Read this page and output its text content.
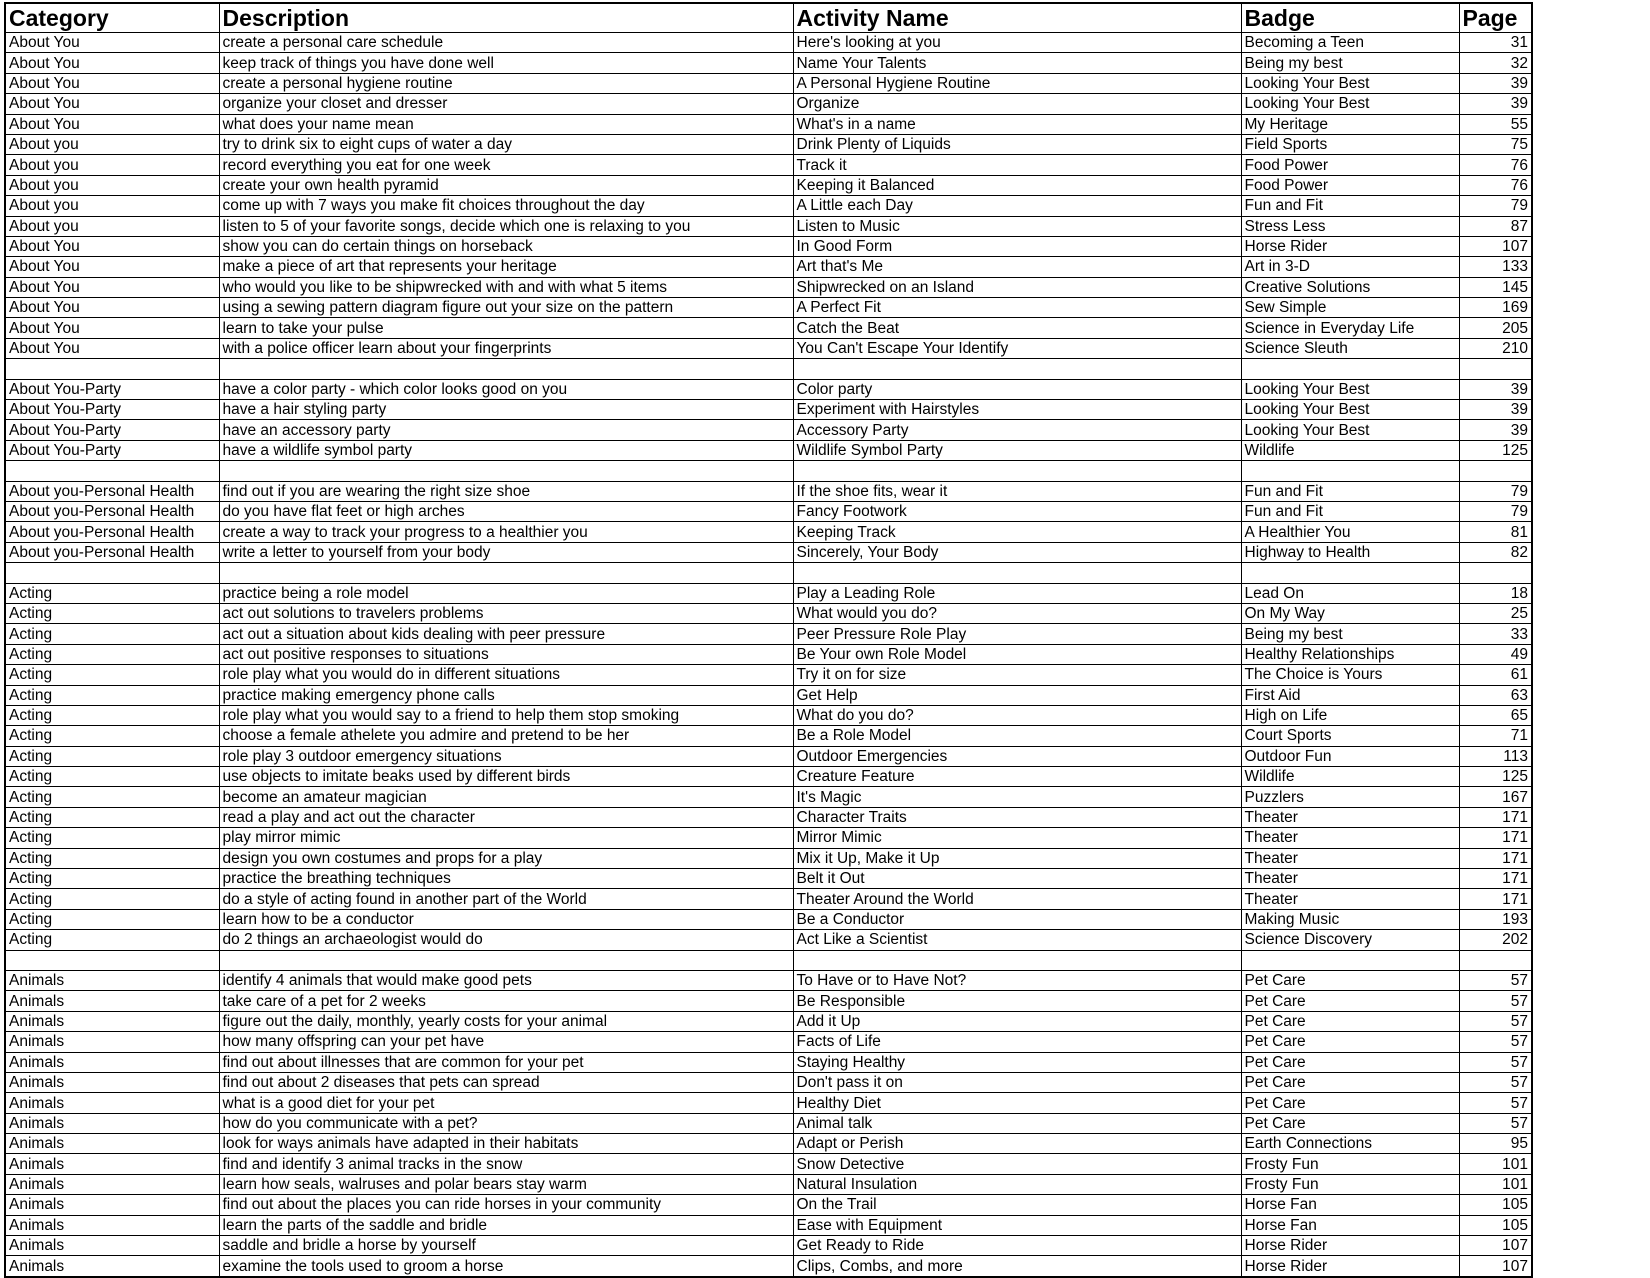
Category	Description	Activity Name	Badge	Page
About You	create a personal care schedule	Here's looking at you	Becoming a Teen	31
About You	keep track of things you have done well	Name Your Talents	Being my best	32
About You	create a personal hygiene routine	A Personal Hygiene Routine	Looking Your Best	39
About You	organize your closet and dresser	Organize	Looking Your Best	39
About You	what does your name mean	What's in a name	My Heritage	55
About you	try to drink six to eight cups of water a day	Drink Plenty of Liquids	Field Sports	75
About you	record everything you eat for one week	Track it	Food Power	76
About you	create your own health pyramid	Keeping it Balanced	Food Power	76
About you	come up with 7 ways you make fit choices throughout the day	A Little each Day	Fun and Fit	79
About you	listen to 5 of your favorite songs, decide which one is relaxing to you	Listen to Music	Stress Less	87
About You	show you can do certain things on horseback	In Good Form	Horse Rider	107
About You	make a piece of art that represents your heritage	Art that's Me	Art in 3-D	133
About You	who would you like to be shipwrecked with and with what 5 items	Shipwrecked on an Island	Creative Solutions	145
About You	using a sewing pattern diagram figure out your size on the pattern	A Perfect Fit	Sew Simple	169
About You	learn to take your pulse	Catch the Beat	Science in Everyday Life	205
About You	with a police officer learn about your fingerprints	You Can't Escape Your Identify	Science Sleuth	210

About You-Party	have a color party - which color looks good on you	Color party	Looking Your Best	39
About You-Party	have a hair styling party	Experiment with Hairstyles	Looking Your Best	39
About You-Party	have an accessory party	Accessory Party	Looking Your Best	39
About You-Party	have a wildlife symbol party	Wildlife Symbol Party	Wildlife	125

About you-Personal Health	find out if you are wearing the right size shoe	If the shoe fits, wear it	Fun and Fit	79
About you-Personal Health	do you have flat feet or high arches	Fancy Footwork	Fun and Fit	79
About you-Personal Health	create a way to track your progress to a healthier you	Keeping Track	A Healthier You	81
About you-Personal Health	write a letter to yourself from your body	Sincerely, Your Body	Highway to Health	82

Acting	practice being a role model	Play a Leading Role	Lead On	18
Acting	act out solutions to travelers problems	What would you do?	On My Way	25
Acting	act out a situation about kids dealing with peer pressure	Peer Pressure Role Play	Being my best	33
Acting	act out positive responses to situations	Be Your own Role Model	Healthy Relationships	49
Acting	role play what you would do in different situations	Try it on for size	The Choice is Yours	61
Acting	practice making emergency phone calls	Get Help	First Aid	63
Acting	role play what you would say to a friend to help them stop smoking	What do you do?	High on Life	65
Acting	choose a female athelete you admire and pretend to be her	Be a Role Model	Court Sports	71
Acting	role play 3 outdoor emergency situations	Outdoor Emergencies	Outdoor Fun	113
Acting	use objects to imitate beaks used by different birds	Creature Feature	Wildlife	125
Acting	become an amateur magician	It's Magic	Puzzlers	167
Acting	read a play and act out the character	Character Traits	Theater	171
Acting	play mirror mimic	Mirror Mimic	Theater	171
Acting	design you own costumes and props for a play	Mix it Up, Make it Up	Theater	171
Acting	practice the breathing techniques	Belt it Out	Theater	171
Acting	do a style of acting found in another part of the World	Theater Around the World	Theater	171
Acting	learn how to be a conductor	Be a Conductor	Making Music	193
Acting	do 2 things an archaeologist would do	Act Like a Scientist	Science Discovery	202

Animals	identify 4 animals that would make good pets	To Have or to Have Not?	Pet Care	57
Animals	take care of a pet for 2 weeks	Be Responsible	Pet Care	57
Animals	figure out the daily, monthly, yearly costs for your animal	Add it Up	Pet Care	57
Animals	how many offspring can your pet have	Facts of Life	Pet Care	57
Animals	find out about illnesses that are common for your pet	Staying Healthy	Pet Care	57
Animals	find out about 2 diseases that pets can spread	Don't pass it on	Pet Care	57
Animals	what is a good diet for your pet	Healthy Diet	Pet Care	57
Animals	how do you communicate with a pet?	Animal talk	Pet Care	57
Animals	look for ways animals have adapted in their habitats	Adapt or Perish	Earth Connections	95
Animals	find and identify 3 animal tracks in the snow	Snow Detective	Frosty Fun	101
Animals	learn how seals, walruses and polar bears stay warm	Natural Insulation	Frosty Fun	101
Animals	find out about the places you can ride horses in your community	On the Trail	Horse Fan	105
Animals	learn the parts of the saddle and bridle	Ease with Equipment	Horse Fan	105
Animals	saddle and bridle a horse by yourself	Get Ready to Ride	Horse Rider	107
Animals	examine the tools used to groom a horse	Clips, Combs, and more	Horse Rider	107
